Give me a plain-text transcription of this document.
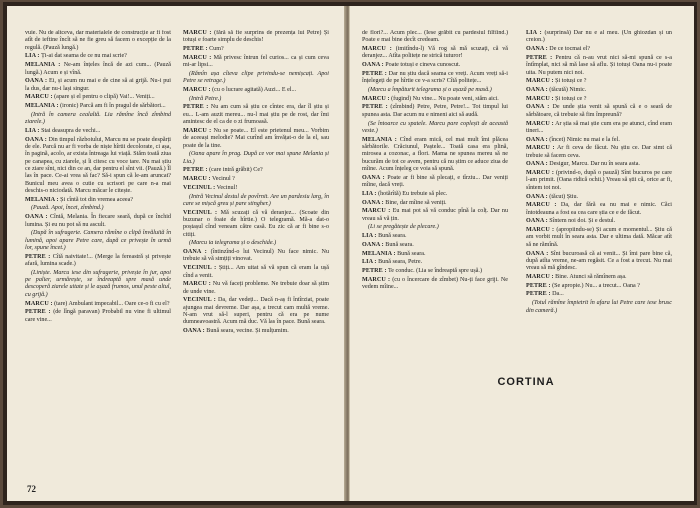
vuie. Nu de altceva, dar materialele de construcție ar fi fost atît de ieftine încît să ne fie greu să facem o excepție de la regulă. (Pauză lungă.)

LIA : Ți-ai dat seama de ce nu mai scrie?

MELANIA : Ne-am înțeles încă de azi cum... (Pauză lungă.) Acum e și vînă.

OANA : Ei, și acum nu mai e de cine să ai grijă. Nu-i pui la dus, dar nu-i lași singur.

MARCU : (apare și el pentru o clipă) Vai!... Veniți...

MELANIA : (ironic) Parcă am fi în pragul de sărbători...

(Intră în camera cealaltă. Lia rămîne încă zîmbind ziarele.)

LIA : Stai deasupra de vechi...

OANA : Din timpul războiului, Marcu nu se poate despărți de ele. Parcă nu ar fi vorba de niște hîrtii decolorate, ci așa, în pagină, acolo, ar exista întreaga lui viață. Stăm toată ziua pe canapea, cu ziarele, și îi citesc cu voce tare. Nu mai știu ce ziare sînt, nici din ce an, dar pentru el sînt vii. (Pauză.) Îl las în pace. Ce-ai vrea să fac? Să-i spun că le-am aruncat? Bunicul meu avea o cutie cu scrisori pe care n-a mai deschis-o niciodată. Marcu măcar le citește.

MELANIA : Și cîntă tot din vremea aceea?

(Pauză. Apoi, încet, zîmbind.)

OANA : Cîntă, Melania. În fiecare seară, după ce închid lumina. Și eu nu pot să nu ascult.

(După în sufragerie. Camera rămîne o clipă învăluită în lumină, apoi apare Petre care, după ce privește în urmă lor, spune încet.)

PETRE : Cîtă naivitate!... (Merge la fereastră și privește afară, lumina scade.)

(Liniște. Marcu iese din sufragerie, privește în jur, apoi pe palier, urmărește, se îndreaptă spre masă unde descoperă ziarele uitate și le așază frumos, unul peste altul, cu grijă.)

MARCU : (tare) Ambulant impecabil... Oare ce-o fi cu el?

PETRE : (de lîngă paravan) Probabil nu vine fi ultimul care vine...

MARCU : (fără să fie surprins de prezența lui Petre) Și totuși e foarte simplu de deschis!

PETRE : Cum?

MARCU : Mă privesc întrun fel curios... ca și cum ceva mi-ar lipsi...

(Rămîn așa cîteva clipe privindu-se nemișcați. Apoi Petre se retrage.)

MARCU : (cu o lucrare agitată) Auzi... E el...

(Intră Petre.)

PETRE : Nu am cum să știu ce cîntec era, dar îl știu și eu... L-am auzit mereu... nu-l mai știu pe de rost, dar îmi amintesc de el ca de o zi frumoasă.

MARCU : Nu se poate... El este prietenul meu... Vorbim de aceeași melodie? Mai curînd am învățat-o de la el, sau poate de la tine.

(Oana apare în prag. După ce vor mai spune Melania și Lia.)

PETRE : (care intră grăbit) Ce?

MARCU : Vecinul ?

VECINUL : Vecinul!

(Intră Vecinul destul de povîrnit. Are un pardesiu larg, în care se mișcă greu și pare stingher.)

VECINUL : Mă scuzați că vă deranjez... (Scoate din buzunar o foaie de hîrtie.) O telegramă. Mă-a dat-o poștașul cînd veneam către casă. Eu zic că ar fi bine s-o citiți.

(Marcu ia telegrama și o deschide.)

OANA : (întinzînd-o lui Vecinul) Nu face nimic. Nu trebuie să vă simțiți vinovat.

VECINUL : Știți... Am uitat să vă spun că eram la ușă cînd a venit.

MARCU : Nu vă faceți probleme. Ne trebuie doar să știm de unde vine.

VECINUL : Da, dar vedeți... Dacă n-aș fi întîrziat, poate ajungea mai devreme. Dar așa, a trecut cam multă vreme. N-am vrut să-l superi, pentru că era pe nume dumneavoastră. Acum mă duc. Vă las în pace. Bună seara.

OANA : Bună seara, vecine. Și mulțumim.

72

de flori?... Acum plec... (Iese grăbit cu pardesiul fîlfîind.) Poate e mai bine decît credeam.

MARCU : (imitîndu-l) Vă rog să mă scuzați, că vă deranjez... Atîta politețe ne strică tuturor!

OANA : Poate totuși e cineva cunoscut.

PETRE : Dar nu știu dacă seama ce vreți. Acum vreți să-i înțelegeți de pe hîrtie ce v-a scris? Cîtă politețe...

(Marcu a împăturit telegrama și o așază pe masă.)

MARCU : (fugind) Nu vine... Nu poate veni, stăm aici.

PETRE : (zîmbind) Petre, Petre, Petre!... Tot timpul lui spunea asta. Dar acum nu e nimeni aici să audă.

(Se întoarce cu spatele. Marcu pare copleșit de această veste.)

MELANIA : Cînd eram mică, cel mai mult îmi plăcea sărbătorile. Crăciunul, Paștele... Toată casa era plină, mirosea a cozonac, a flori. Mama ne spunea mereu să ne bucurăm de tot ce avem, pentru că nu știm ce aduce ziua de mîine. Acum înțeleg ce voia să spună.

OANA : Poate ar fi bine să plecați, e tîrziu... Dar veniți mîine, dacă vreți.

LIA : (hotărîtă) Eu trebuie să plec.

OANA : Bine, dar mîine să veniți.

MARCU : Eu mai pot să vă conduc pînă la colț. Dar nu vreau să vă țin.

(Li se pregătește de plecare.)

LIA : Bună seara.

OANA : Bună seara.

MELANIA : Bună seara.

LIA : Bună seara, Petre.

PETRE : Te conduc. (Lia se îndreaptă spre ușă.)

MARCU : (cu o încercare de zîmbet) Nu-ți face griji. Ne vedem mîine...

LIA : (surprinsă) Dar nu e al meu. (Un ghiozdan și un creion.)

OANA : De ce tocmai el?

PETRE : Pentru că n-au vrut nici să-mi spună ce s-a întîmplat, nici să mă lase să aflu. Și totuși Oana nu-i poate uita. Nu putem nici noi.

MARCU : Și totuși ce ?

OANA : (tăcută) Nimic.

MARCU : Și totuși ce ?

OANA : De unde știa venit să spună că e o seară de sărbătoare, că trebuie să fim împreună?

MARCU : Ar știa să mai știe cum era pe atunci, cînd eram tineri...

OANA : (încet) Nimic nu mai e la fel.

MARCU : Ar fi ceva de făcut. Nu știu ce. Dar simt că trebuie să facem ceva.

OANA : Desigur, Marcu. Dar nu în seara asta.

MARCU : (privind-o, după o pauză) Sînt bucuros pe care l-am primit. (Oana ridică ochii.) Vreau să știi că, orice ar fi, sîntem tot noi.

OANA : (tăcut) Știu.

MARCU : Da, dar fără ea nu mai e nimic. Căci întotdeauna a fost ea cea care știa ce e de făcut.

OANA : Sîntem noi doi. Și e destul.

MARCU : (apropiindu-se) Și acum e momentul... Știu că am vorbit mult în seara asta. Dar e ultima dată. Măcar atît să ne rămînă.

OANA : Sînt bucuroasă că ai venit... Și îmi pare bine că, după atîta vreme, ne-am regăsit. Ce a fost a trecut. Nu mai vreau să mă gîndesc.

MARCU : Bine. Atunci să rămînem așa.

PETRE : (Se apropie.) Nu... a trecut... Oana ?

PETRE : Da...

(Totul rămîne împietrit în afara lui Petre care iese brusc din cameră.)

CORTINA
